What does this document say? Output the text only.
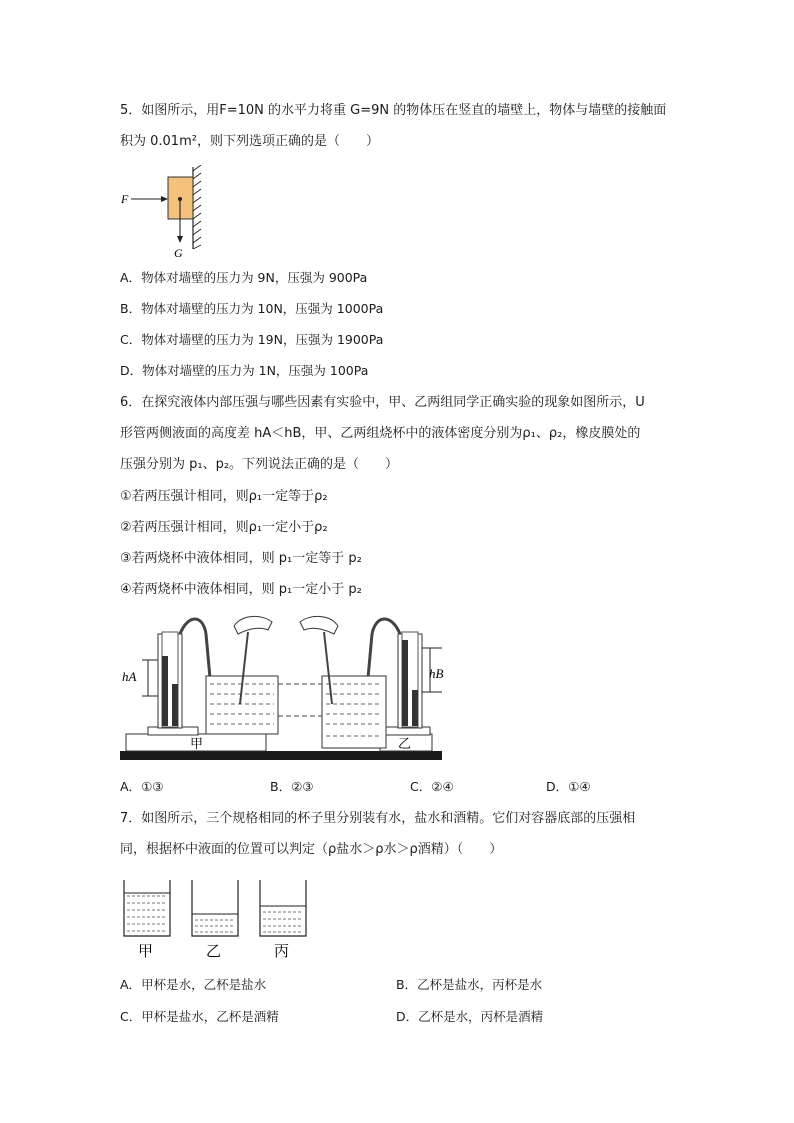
5．如图所示，用F=10N 的水平力将重 G=9N 的物体压在竖直的墙壁上，物体与墙壁的接触面
积为 0.01m²，则下列选项正确的是（　　）
F
G
A．物体对墙壁的压力为 9N，压强为 900Pa
B．物体对墙壁的压力为 10N，压强为 1000Pa
C．物体对墙壁的压力为 19N，压强为 1900Pa
D．物体对墙壁的压力为 1N，压强为 100Pa
6．在探究液体内部压强与哪些因素有实验中，甲、乙两组同学正确实验的现象如图所示，U
形管两侧液面的高度差 hA＜hB，甲、乙两组烧杯中的液体密度分别为ρ₁、ρ₂，橡皮膜处的
压强分别为 p₁、p₂。下列说法正确的是（　　）
①若两压强计相同，则ρ₁一定等于ρ₂
②若两压强计相同，则ρ₁一定小于ρ₂
③若两烧杯中液体相同，则 p₁一定等于 p₂
④若两烧杯中液体相同，则 p₁一定小于 p₂
hA	hB
甲	乙
A．①③	B．②③	C．②④	D．①④
7．如图所示，三个规格相同的杯子里分别装有水，盐水和酒精。它们对容器底部的压强相
同，根据杯中液面的位置可以判定（ρ盐水＞ρ水＞ρ酒精）（　　）
甲	乙	丙
A．甲杯是水，乙杯是盐水	B．乙杯是盐水，丙杯是水
C．甲杯是盐水，乙杯是酒精	D．乙杯是水，丙杯是酒精
